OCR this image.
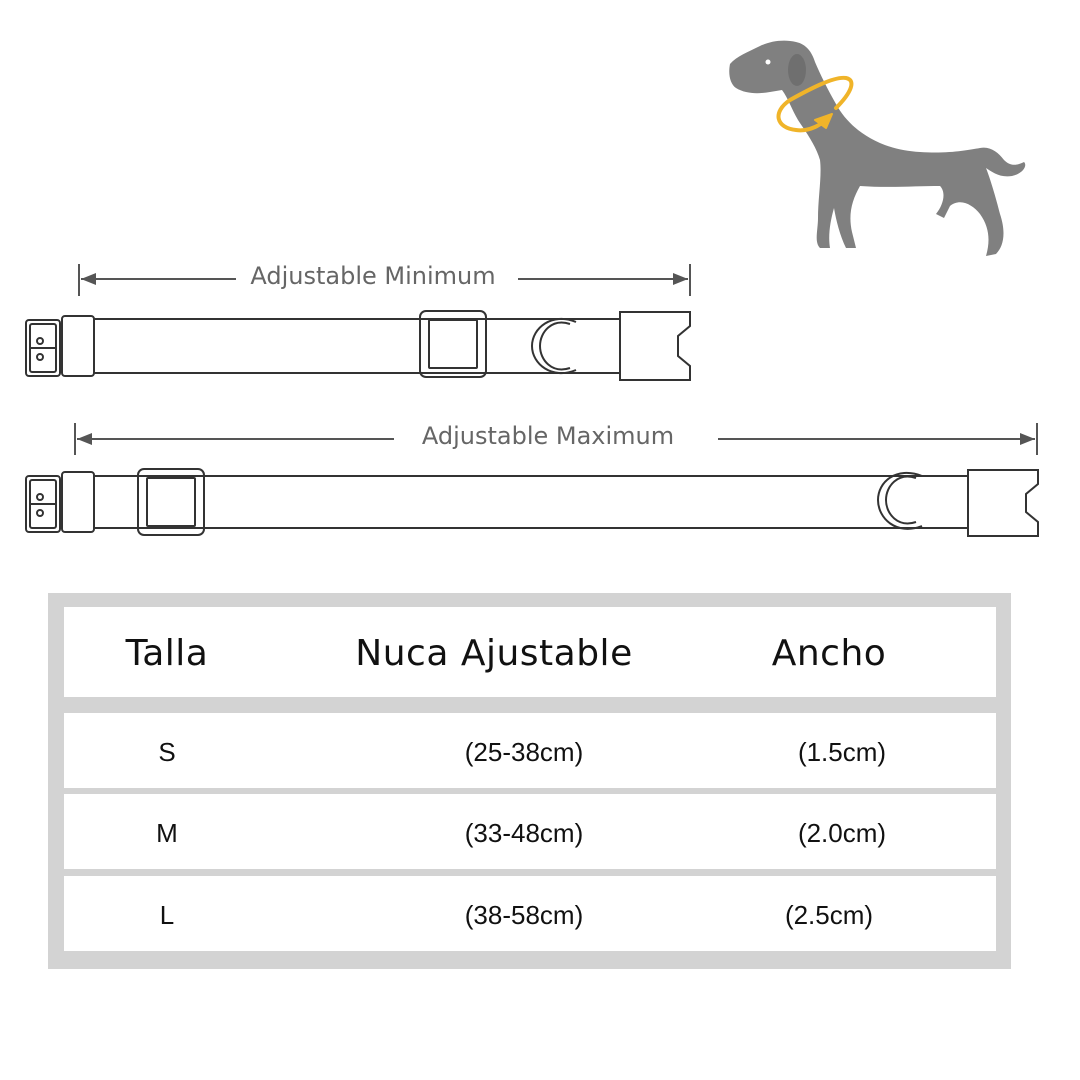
Adjustable Minimum
Adjustable Maximum
Talla	Nuca Ajustable	Ancho
S	(25-38cm)	(1.5cm)
M	(33-48cm)	(2.0cm)
L	(38-58cm)	(2.5cm)
